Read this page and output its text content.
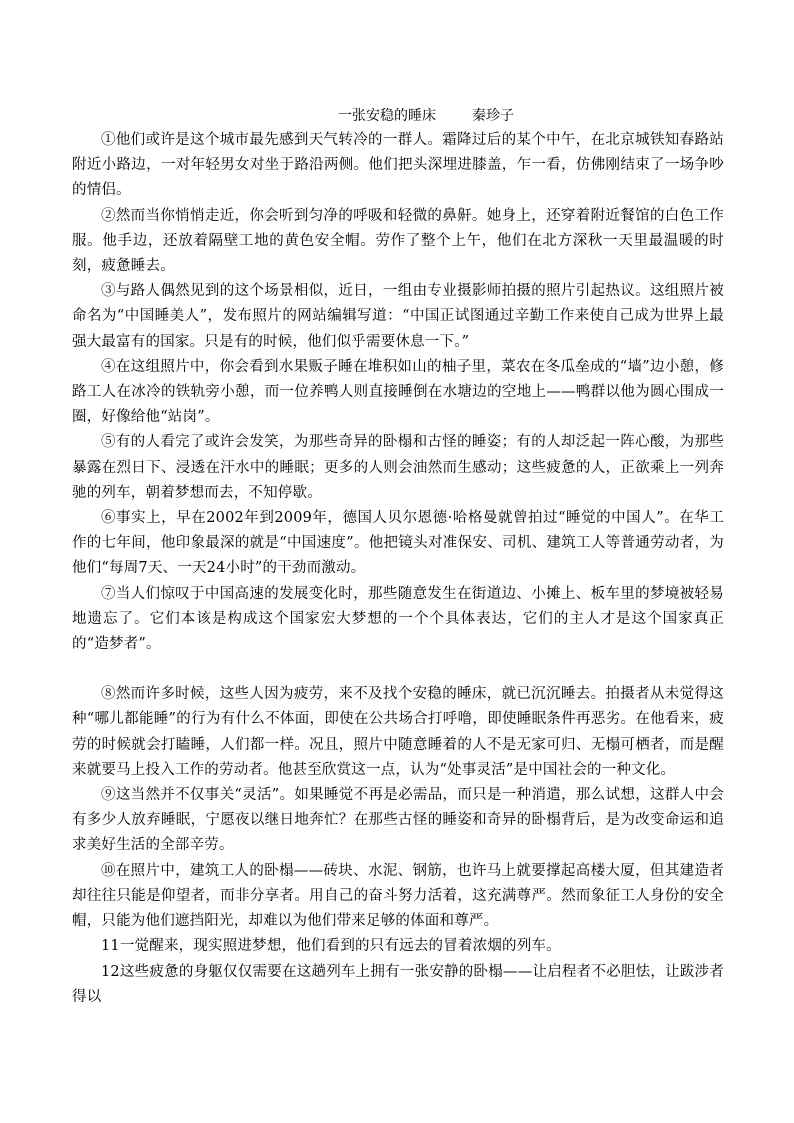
一张安稳的睡床	秦珍子

①他们或许是这个城市最先感到天气转冷的一群人。霜降过后的某个中午，在北京城铁知春路站附近小路边，一对年轻男女对坐于路沿两侧。他们把头深埋进膝盖，乍一看，仿佛刚结束了一场争吵的情侣。

②然而当你悄悄走近，你会听到匀净的呼吸和轻微的鼻鼾。她身上，还穿着附近餐馆的白色工作服。他手边，还放着隔壁工地的黄色安全帽。劳作了整个上午，他们在北方深秋一天里最温暖的时刻，疲惫睡去。

③与路人偶然见到的这个场景相似，近日，一组由专业摄影师拍摄的照片引起热议。这组照片被命名为“中国睡美人”，发布照片的网站编辑写道：“中国正试图通过辛勤工作来使自己成为世界上最强大最富有的国家。只是有的时候，他们似乎需要休息一下。”

④在这组照片中，你会看到水果贩子睡在堆积如山的柚子里，菜农在冬瓜垒成的“墙”边小憩，修路工人在冰冷的铁轨旁小憩，而一位养鸭人则直接睡倒在水塘边的空地上——鸭群以他为圆心围成一圈，好像给他“站岗”。

⑤有的人看完了或许会发笑，为那些奇异的卧榻和古怪的睡姿；有的人却泛起一阵心酸，为那些暴露在烈日下、浸透在汗水中的睡眠；更多的人则会油然而生感动；这些疲惫的人，正欲乘上一列奔驰的列车，朝着梦想而去，不知停歇。

⑥事实上，早在2002年到2009年，德国人贝尔恩德·哈格曼就曾拍过“睡觉的中国人”。在华工作的七年间，他印象最深的就是“中国速度”。他把镜头对准保安、司机、建筑工人等普通劳动者，为他们“每周7天、一天24小时”的干劲而激动。

⑦当人们惊叹于中国高速的发展变化时，那些随意发生在街道边、小摊上、板车里的梦境被轻易地遗忘了。它们本该是构成这个国家宏大梦想的一个个具体表达，它们的主人才是这个国家真正的“造梦者”。

⑧然而许多时候，这些人因为疲劳，来不及找个安稳的睡床，就已沉沉睡去。拍摄者从未觉得这种“哪儿都能睡”的行为有什么不体面，即使在公共场合打呼噜，即使睡眠条件再恶劣。在他看来，疲劳的时候就会打瞌睡，人们都一样。况且，照片中随意睡着的人不是无家可归、无榻可栖者，而是醒来就要马上投入工作的劳动者。他甚至欣赏这一点，认为“处事灵活”是中国社会的一种文化。

⑨这当然并不仅事关“灵活”。如果睡觉不再是必需品，而只是一种消遣，那么试想，这群人中会有多少人放弃睡眠，宁愿夜以继日地奔忙？在那些古怪的睡姿和奇异的卧榻背后，是为改变命运和追求美好生活的全部辛劳。

⑩在照片中，建筑工人的卧榻——砖块、水泥、钢筋，也许马上就要撑起高楼大厦，但其建造者却往往只能是仰望者，而非分享者。用自己的奋斗努力活着，这充满尊严。然而象征工人身份的安全帽，只能为他们遮挡阳光，却难以为他们带来足够的体面和尊严。

11一觉醒来，现实照进梦想，他们看到的只有远去的冒着浓烟的列车。

12这些疲惫的身躯仅仅需要在这趟列车上拥有一张安静的卧榻——让启程者不必胆怯，让跋涉者得以
